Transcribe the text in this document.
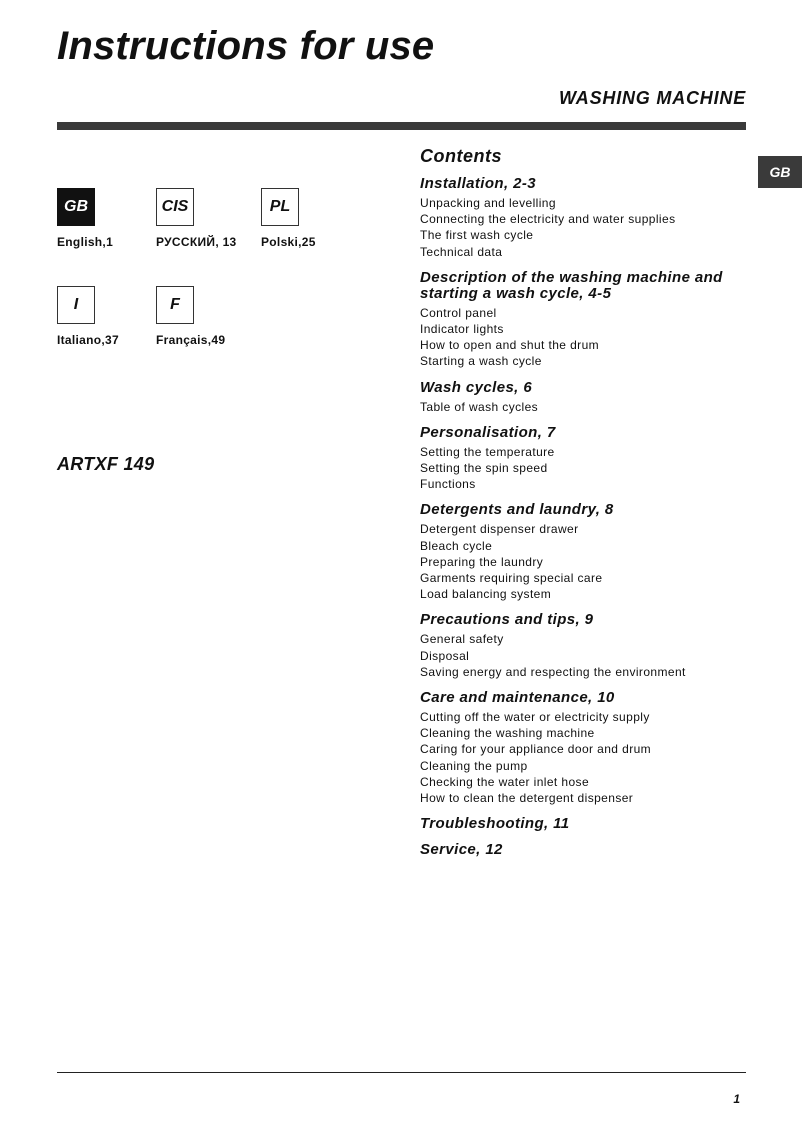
Instructions for use
WASHING MACHINE
GB
GB
English,1
CIS
РУССКИЙ, 13
PL
Polski,25
I
Italiano,37
F
Français,49
ARTXF 149
Contents
Installation, 2-3
Unpacking and levelling
Connecting the electricity and water supplies
The first wash cycle
Technical data
Description of the washing machine and starting a wash cycle, 4-5
Control panel
Indicator lights
How to open and shut the drum
Starting a wash cycle
Wash cycles, 6
Table of wash cycles
Personalisation, 7
Setting the temperature
Setting the spin speed
Functions
Detergents and laundry, 8
Detergent dispenser drawer
Bleach cycle
Preparing the laundry
Garments requiring special care
Load balancing system
Precautions and tips, 9
General safety
Disposal
Saving energy and respecting the environment
Care and maintenance, 10
Cutting off the water or electricity supply
Cleaning the washing machine
Caring for your appliance door and drum
Cleaning the pump
Checking the water inlet hose
How to clean the detergent dispenser
Troubleshooting, 11
Service, 12
1
